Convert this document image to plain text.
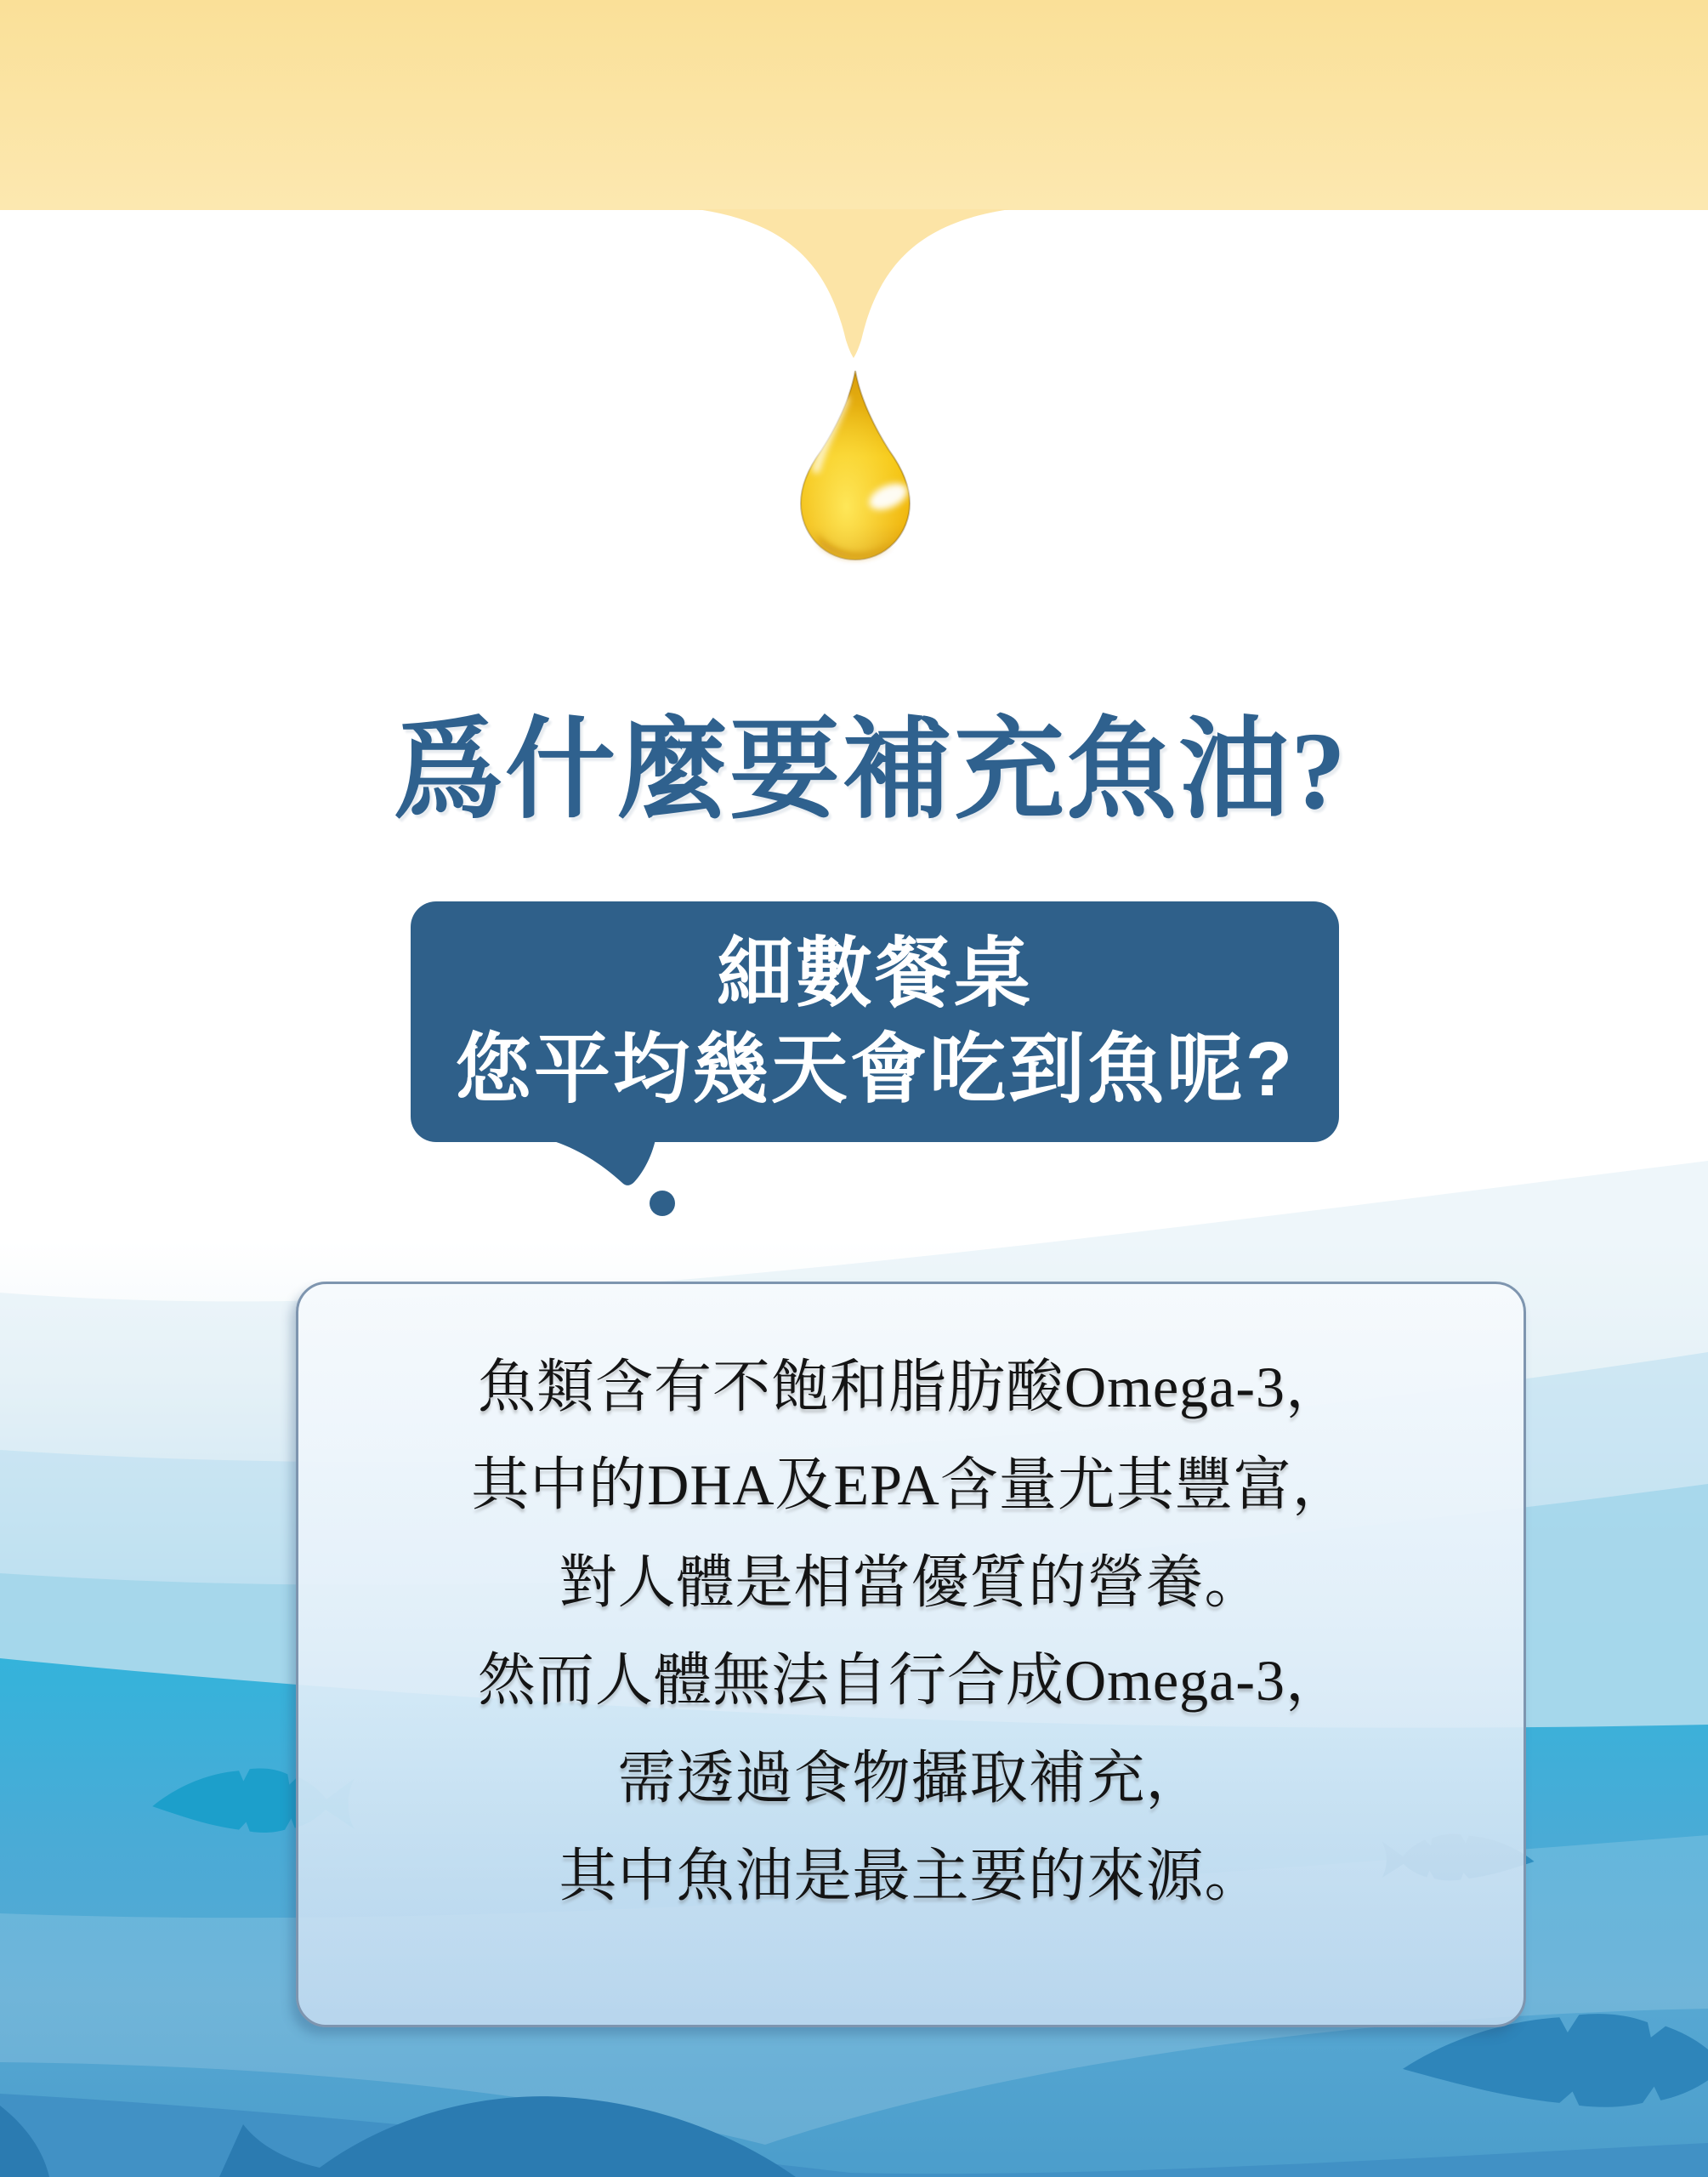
爲什麼要補充魚油?
細數餐桌
您平均幾天會吃到魚呢?
魚類含有不飽和脂肪酸Omega-3，
其中的DHA及EPA含量尤其豐富，
對人體是相當優質的營養。
然而人體無法自行合成Omega-3，
需透過食物攝取補充，
其中魚油是最主要的來源。
